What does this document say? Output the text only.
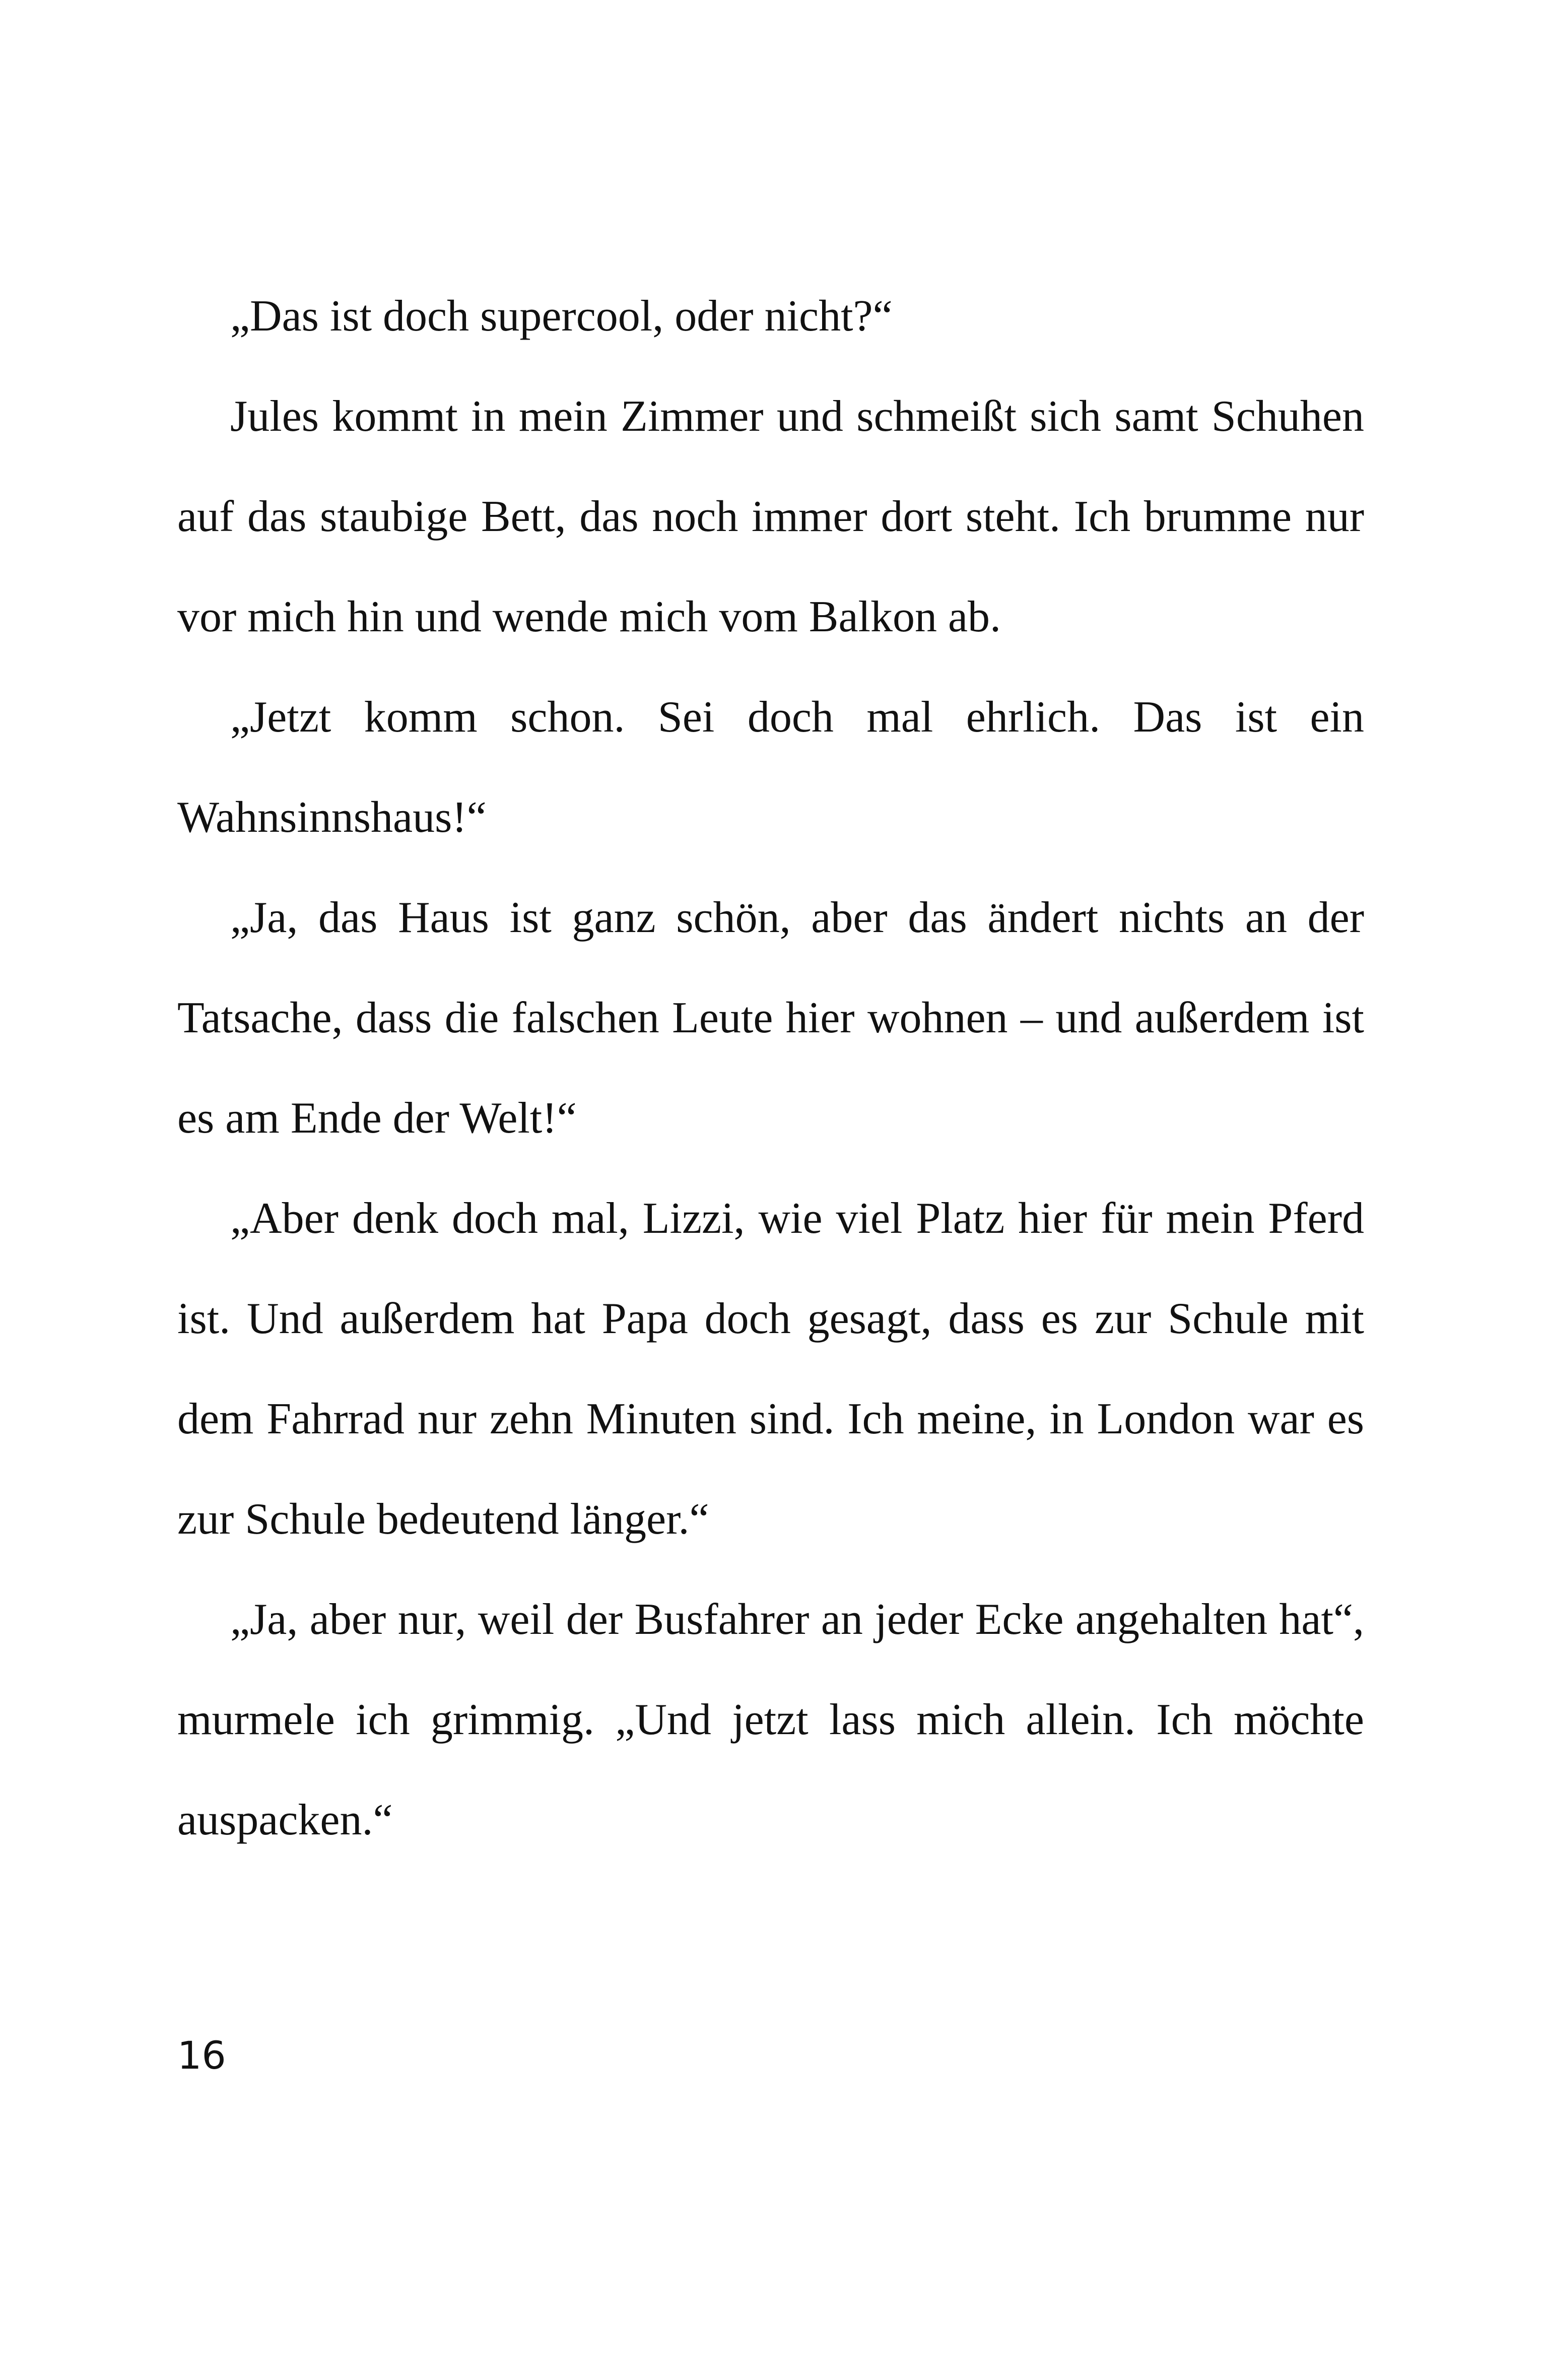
„Das ist doch supercool, oder nicht?“

Jules kommt in mein Zimmer und schmeißt sich samt Schuhen auf das staubige Bett, das noch immer dort steht. Ich brumme nur vor mich hin und wende mich vom Balkon ab.

„Jetzt komm schon. Sei doch mal ehrlich. Das ist ein Wahnsinnshaus!“

„Ja, das Haus ist ganz schön, aber das ändert nichts an der Tatsache, dass die falschen Leute hier wohnen – und außerdem ist es am Ende der Welt!“

„Aber denk doch mal, Lizzi, wie viel Platz hier für mein Pferd ist. Und außerdem hat Papa doch gesagt, dass es zur Schule mit dem Fahrrad nur zehn Minuten sind. Ich meine, in London war es zur Schule bedeutend länger.“

„Ja, aber nur, weil der Busfahrer an jeder Ecke angehalten hat“, murmele ich grimmig. „Und jetzt lass mich allein. Ich möchte auspacken.“

16
